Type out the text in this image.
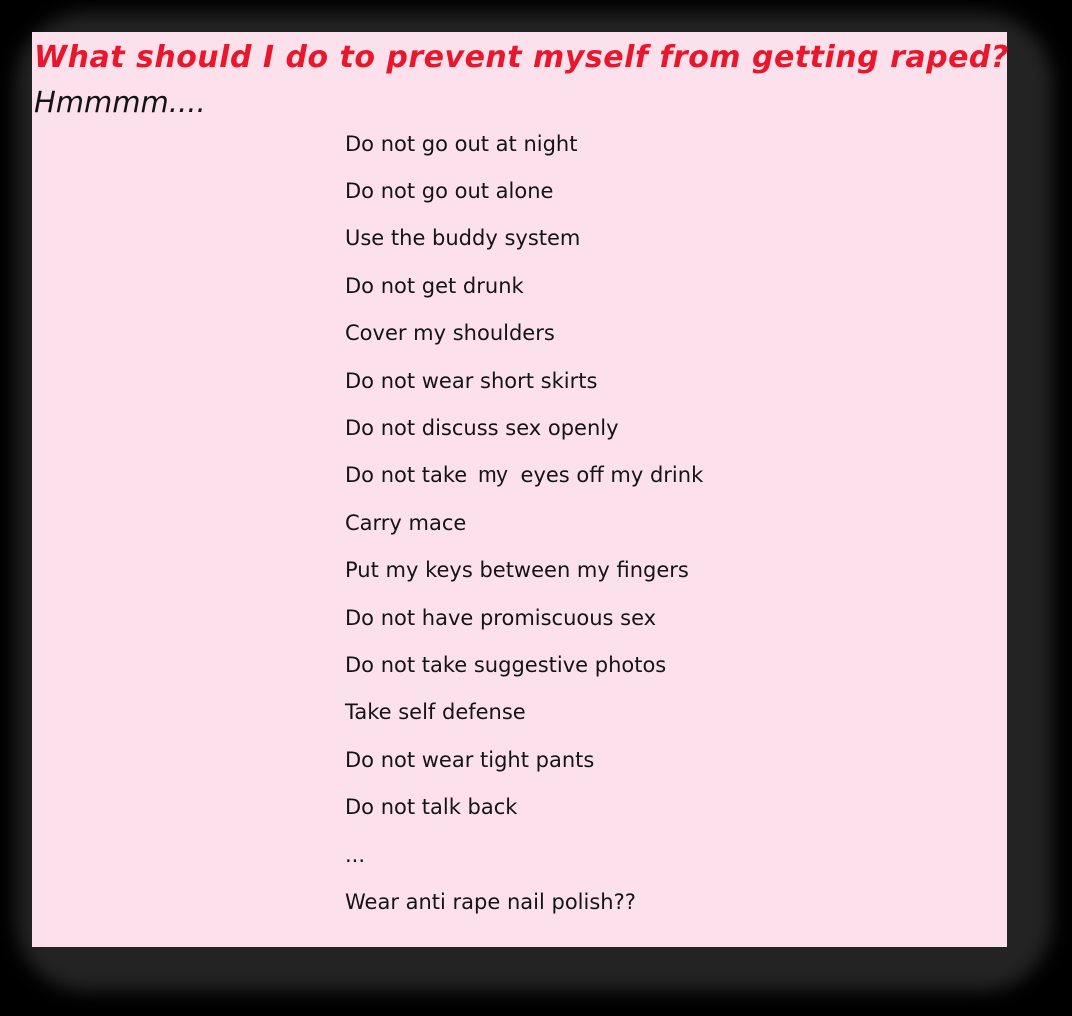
What should I do to prevent myself from getting raped?
Hmmmm....
Do not go out at night
Do not go out alone
Use the buddy system
Do not get drunk
Cover my shoulders
Do not wear short skirts
Do not discuss sex openly
Do not take my eyes off my drink
Carry mace
Put my keys between my fingers
Do not have promiscuous sex
Do not take suggestive photos
Take self defense
Do not wear tight pants
Do not talk back
...
Wear anti rape nail polish??
